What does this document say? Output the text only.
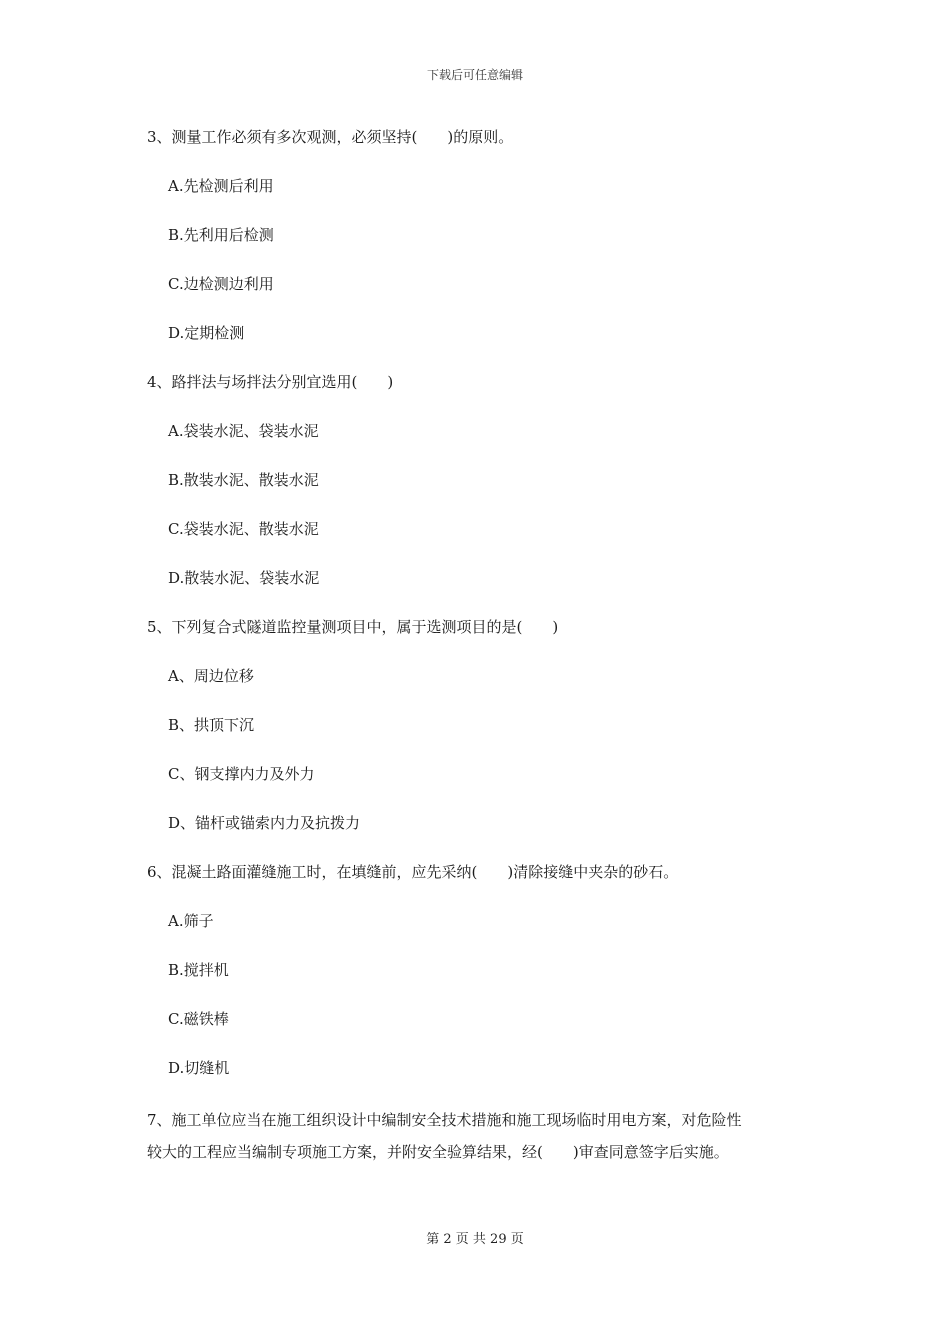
下载后可任意编辑
3、测量工作必须有多次观测，必须坚持(　　)的原则。
A.先检测后利用
B.先利用后检测
C.边检测边利用
D.定期检测
4、路拌法与场拌法分别宜选用(　　)
A.袋装水泥、袋装水泥
B.散装水泥、散装水泥
C.袋装水泥、散装水泥
D.散装水泥、袋装水泥
5、下列复合式隧道监控量测项目中，属于选测项目的是(　　)
A、周边位移
B、拱顶下沉
C、钢支撑内力及外力
D、锚杆或锚索内力及抗拨力
6、混凝土路面灌缝施工时，在填缝前，应先采纳(　　)清除接缝中夹杂的砂石。
A.筛子
B.搅拌机
C.磁铁棒
D.切缝机
7、施工单位应当在施工组织设计中编制安全技术措施和施工现场临时用电方案，对危险性
较大的工程应当编制专项施工方案，并附安全验算结果，经(　　)审查同意签字后实施。
第 2 页 共 29 页
